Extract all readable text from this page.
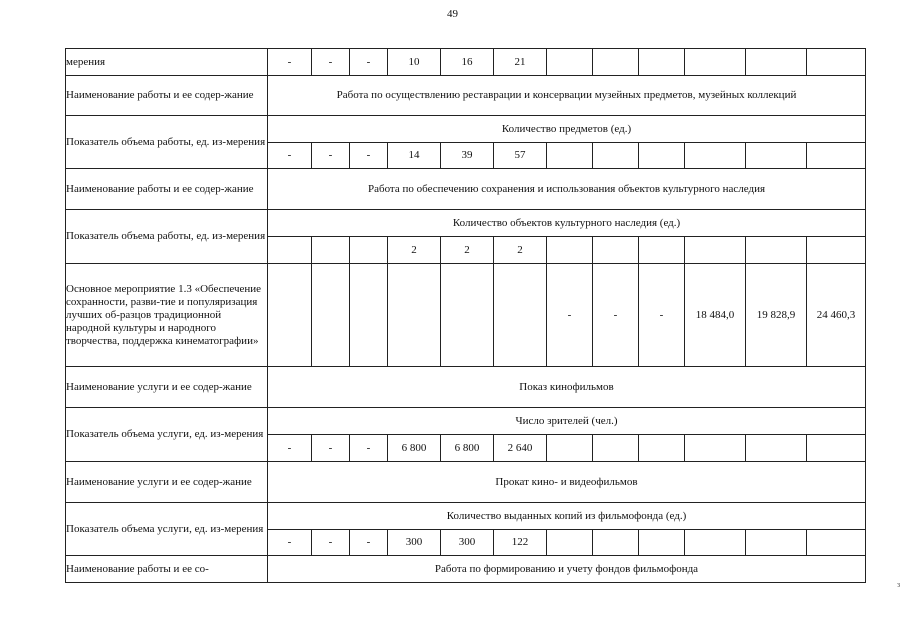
49
мерения	-	-	-	10	16	21						
Наименование работы и ее содер-жание	Работа по осуществлению реставрации и консервации музейных предметов, музейных коллекций											
Показатель объема работы, ед. из-мерения	Количество предметов (ед.)											
	-	-	-	14	39	57						
Наименование работы и ее содер-жание	Работа по обеспечению сохранения и использования объектов культурного наследия											
Показатель объема работы, ед. из-мерения	Количество объектов культурного наследия (ед.)											
				2	2	2						
Основное мероприятие 1.3 «Обеспечение сохранности, разви-тие и популяризация лучших об-разцов традиционной народной культуры и народного творчества, поддержка кинематографии»							-	-	-	18 484,0	19 828,9	24 460,3
Наименование услуги и ее содер-жание	Показ кинофильмов											
Показатель объема услуги, ед. из-мерения	Число зрителей (чел.)											
	-	-	-	6 800	6 800	2 640						
Наименование услуги и ее содер-жание	Прокат кино- и видеофильмов											
Показатель объема услуги, ед. из-мерения	Количество выданных копий из фильмофонда (ед.)											
	-	-	-	300	300	122						
Наименование работы и ее со-	Работа по формированию и учету фондов фильмофонда											
з
